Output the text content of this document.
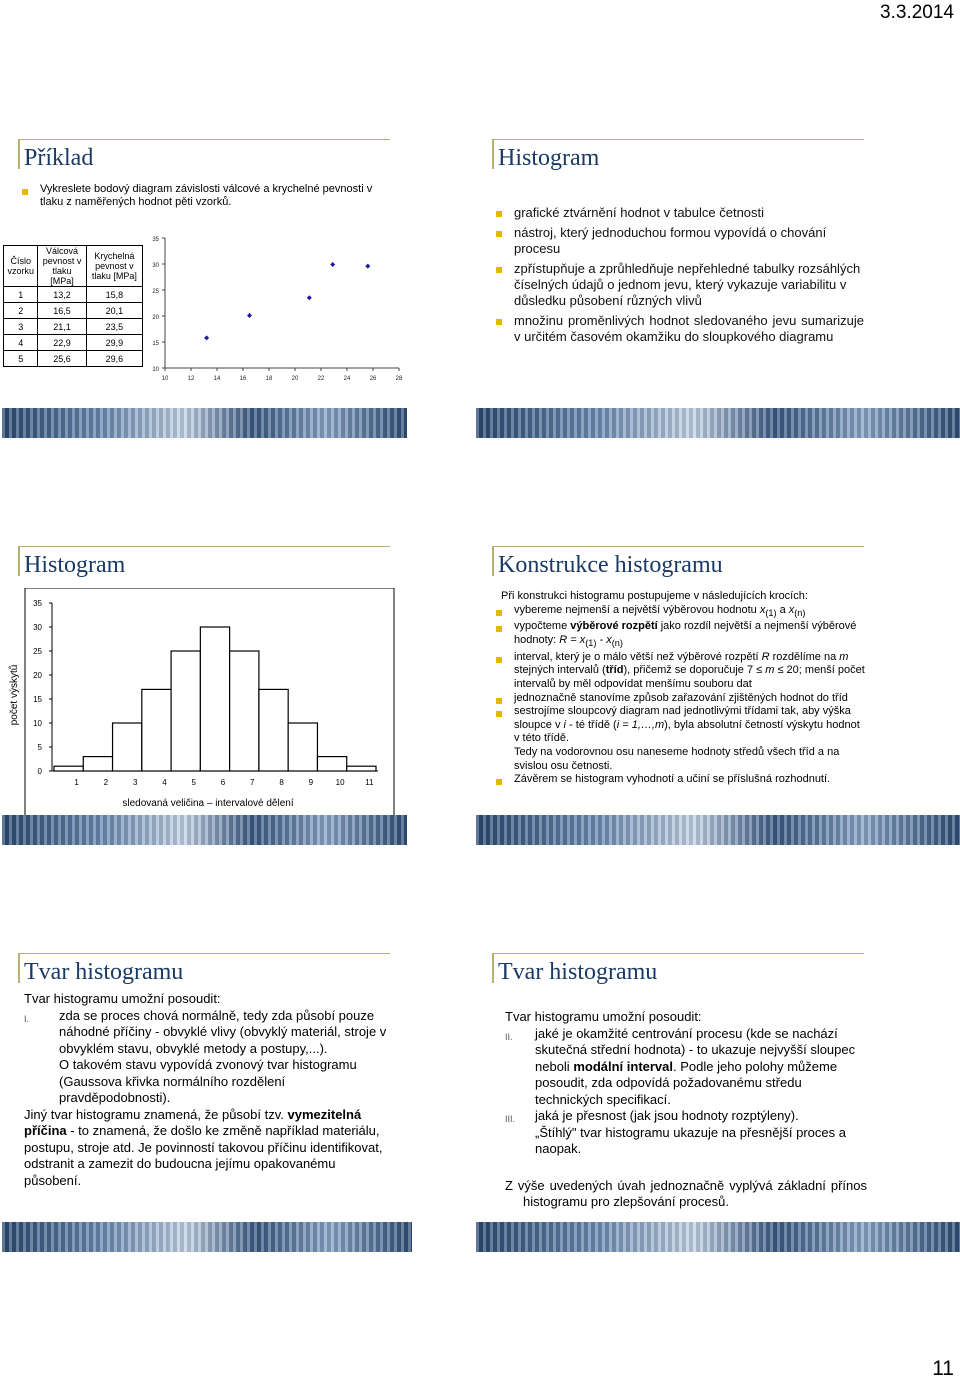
3.3.2014
11
Příklad
Vykreslete bodový diagram závislosti válcové a krychelné pevnosti v tlaku z naměřených hodnot pěti vzorků.
Číslo vzorku	Válcová pevnost v tlaku [MPa]	Krychelná pevnost v tlaku [MPa]
1	13,2	15,8
2	16,5	20,1
3	21,1	23,5
4	22,9	29,9
5	25,6	29,6
10
15
20
25
30
35
10	12	14	16	18	20	22	24	26	28
Histogram
grafické ztvárnění hodnot v tabulce četnosti
nástroj, který jednoduchou formou vypovídá o chování procesu
zpřístupňuje a zprůhledňuje nepřehledné tabulky rozsáhlých číselných údajů o jednom jevu, který vykazuje variabilitu v důsledku působení různých vlivů
množinu proměnlivých hodnot sledovaného jevu sumarizuje v určitém časovém okamžiku do sloupkového diagramu
Histogram
0
5
10
15
20
25
30
35
1	2	3	4	5	6	7	8	9	10	11
sledovaná veličina – intervalové dělení
počet výskytů
Konstrukce histogramu
Při konstrukci histogramu postupujeme v následujících krocích:
vybereme nejmenší a největší výběrovou hodnotu $x_{(1)}$ a $x_{(n)}$
vypočteme výběrové rozpětí jako rozdíl největší a nejmenší výběrové hodnoty: $R = x_{(1)} - x_{(n)}$
interval, který je o málo větší než výběrové rozpětí R rozdělíme na m stejných intervalů (tříd), přičemž se doporučuje 7 ≤ m ≤ 20; menší počet intervalů by měl odpovídat menšímu souboru dat
jednoznačně stanovíme způsob zařazování zjištěných hodnot do tříd
sestrojíme sloupcový diagram nad jednotlivými třídami tak, aby výška sloupce v i - té třídě (i = 1,…,m), byla absolutní četností výskytu hodnot v této třídě.
Tedy na vodorovnou osu naneseme hodnoty středů všech tříd a na svislou osu četnosti.
Závěrem se histogram vyhodnotí a učiní se příslušná rozhodnutí.
Tvar histogramu
Tvar histogramu umožní posoudit:
I. zda se proces chová normálně, tedy zda působí pouze náhodné příčiny - obvyklé vlivy (obvyklý materiál, stroje v obvyklém stavu, obvyklé metody a postupy,...).
O takovém stavu vypovídá zvonový tvar histogramu (Gaussova křivka normálního rozdělení pravděpodobnosti).
Jiný tvar histogramu znamená, že působí tzv. vymezitelná příčina - to znamená, že došlo ke změně například materiálu, postupu, stroje atd. Je povinností takovou příčinu identifikovat, odstranit a zamezit do budoucna jejímu opakovanému působení.
Tvar histogramu
Tvar histogramu umožní posoudit:
II. jaké je okamžité centrování procesu (kde se nachází skutečná střední hodnota) - to ukazuje nejvyšší sloupec neboli modální interval. Podle jeho polohy můžeme posoudit, zda odpovídá požadovanému středu technických specifikací.
III. jaká je přesnost (jak jsou hodnoty rozptýleny).
„Štíhlý" tvar histogramu ukazuje na přesnější proces a naopak.
Z výše uvedených úvah jednoznačně vyplývá základní přínos histogramu pro zlepšování procesů.
